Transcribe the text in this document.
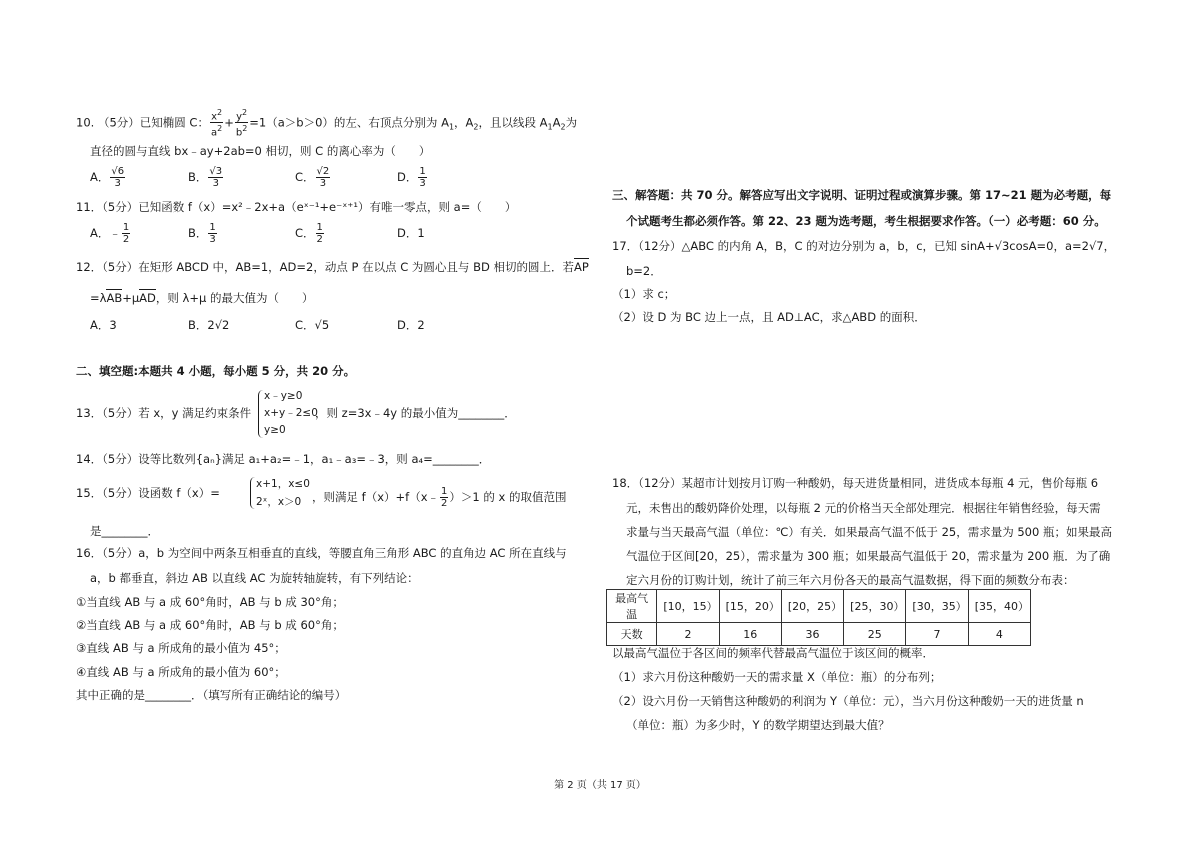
10. （5分）已知椭圆 C： $\frac{x^2}{a^2} + \frac{y^2}{b^2} =1(a>b>0)$的左、右顶点分别为 $A_1$，$A_2$，且以线段 $A_1A_2$为
直径的圆与直线 bx﹣ay+2ab=0 相切，则 C 的离心率为（　　）
A． $\frac{√6}{3}$	B． $\frac{√3}{3}$	C． $\frac{√2}{3}$	D． $\frac{1}{3}$
11．（5分）已知函数 f（x）=x²﹣2x+a（eˣ⁻¹+e⁻ˣ⁺¹）有唯一零点，则 a=（　　）
A．﹣ $\frac{1}{2}$	B． $\frac{1}{3}$	C． $\frac{1}{2}$	D．1
12．（5分）在矩形 ABCD 中，AB=1，AD=2，动点 P 在以点 C 为圆心且与 BD 相切的圆上．若AP
=λAB+μAD，则 λ+μ 的最大值为（　　）
A．3	B．2√2	C．√5	D．2
二、填空题:本题共 4 小题，每小题 5 分，共 20 分。
13．（5分）若 x，y 满足约束条件
x﹣y≥0
x+y﹣2≤0
y≥0
，则 z=3x﹣4y 的最小值为________．
14．（5分）设等比数列{aₙ}满足 a₁+a₂=﹣1，a₁﹣a₃=﹣3，则 a₄=________．
15．（5分）设函数 f（x）=
x+1，x≤0
2ˣ，x＞0 ，则满足 f（x）+f（x﹣ $\frac{1}{2} )>1$ 的 x 的取值范围
是________．
16．（5分）a，b 为空间中两条互相垂直的直线，等腰直角三角形 ABC 的直角边 AC 所在直线与
a，b 都垂直，斜边 AB 以直线 AC 为旋转轴旋转，有下列结论：
①当直线 AB 与 a 成 60°角时，AB 与 b 成 30°角；
②当直线 AB 与 a 成 60°角时，AB 与 b 成 60°角；
③直线 AB 与 a 所成角的最小值为 45°；
④直线 AB 与 a 所成角的最小值为 60°；
其中正确的是________．（填写所有正确结论的编号）
三、解答题：共 70 分。解答应写出文字说明、证明过程或演算步骤。第 17~21 题为必考题，每
个试题考生都必须作答。第 22、23 题为选考题，考生根据要求作答。（一）必考题：60 分。
17．（12分）△ABC 的内角 A，B，C 的对边分别为 a，b，c，已知 sinA+√3cosA=0，a=2√7，
b=2．
（1）求 c；
（2）设 D 为 BC 边上一点，且 AD⊥AC，求△ABD 的面积．
18．（12分）某超市计划按月订购一种酸奶，每天进货量相同，进货成本每瓶 4 元，售价每瓶 6
元，未售出的酸奶降价处理，以每瓶 2 元的价格当天全部处理完．根据往年销售经验，每天需
求量与当天最高气温（单位：℃）有关．如果最高气温不低于 25，需求量为 500 瓶；如果最高
气温位于区间[20，25），需求量为 300 瓶；如果最高气温低于 20，需求量为 200 瓶．为了确
定六月份的订购计划，统计了前三年六月份各天的最高气温数据，得下面的频数分布表：
最高气温	[10，15）	[15，20）	[20，25）	[25，30）	[30，35）	[35，40）
天数	2	16	36	25	7	4
以最高气温位于各区间的频率代替最高气温位于该区间的概率．
（1）求六月份这种酸奶一天的需求量 X（单位：瓶）的分布列；
（2）设六月份一天销售这种酸奶的利润为 Y（单位：元），当六月份这种酸奶一天的进货量 n
（单位：瓶）为多少时，Y 的数学期望达到最大值？
第 2 页（共 17 页）
